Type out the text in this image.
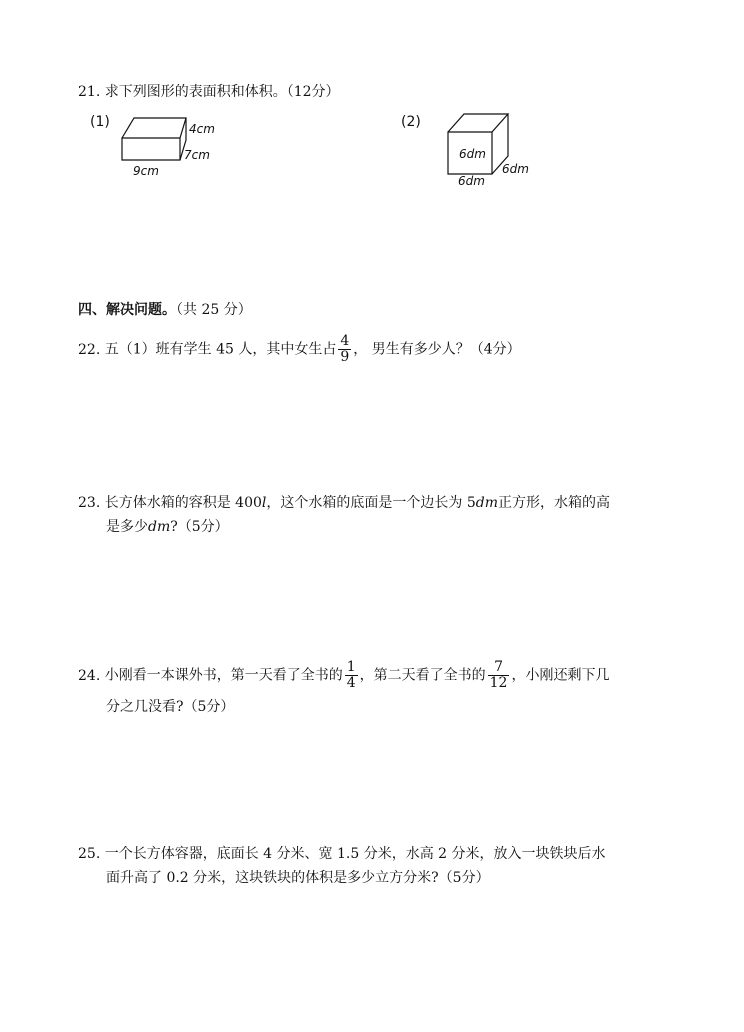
21. 求下列图形的表面积和体积。（12分）
(1)	4cm
7cm
9cm
(2)
6dm
6dm
6dm
四、解决问题。（共 25 分）
22. 五（1）班有学生 45 人，其中女生占 $\frac{4}{9}$ ， 男生有多少人？（4分）
23. 长方体水箱的容积是 400l，这个水箱的底面是一个边长为 5dm正方形，水箱的高
是多少dm?（5分）
24. 小刚看一本课外书，第一天看了全书的 $\frac{1}{4}$ ，第二天看了全书的 $\frac{7}{12}$ ，小刚还剩下几
分之几没看?（5分）
25. 一个长方体容器，底面长 4 分米、宽 1.5 分米，水高 2 分米，放入一块铁块后水
面升高了 0.2 分米，这块铁块的体积是多少立方分米?（5分）
